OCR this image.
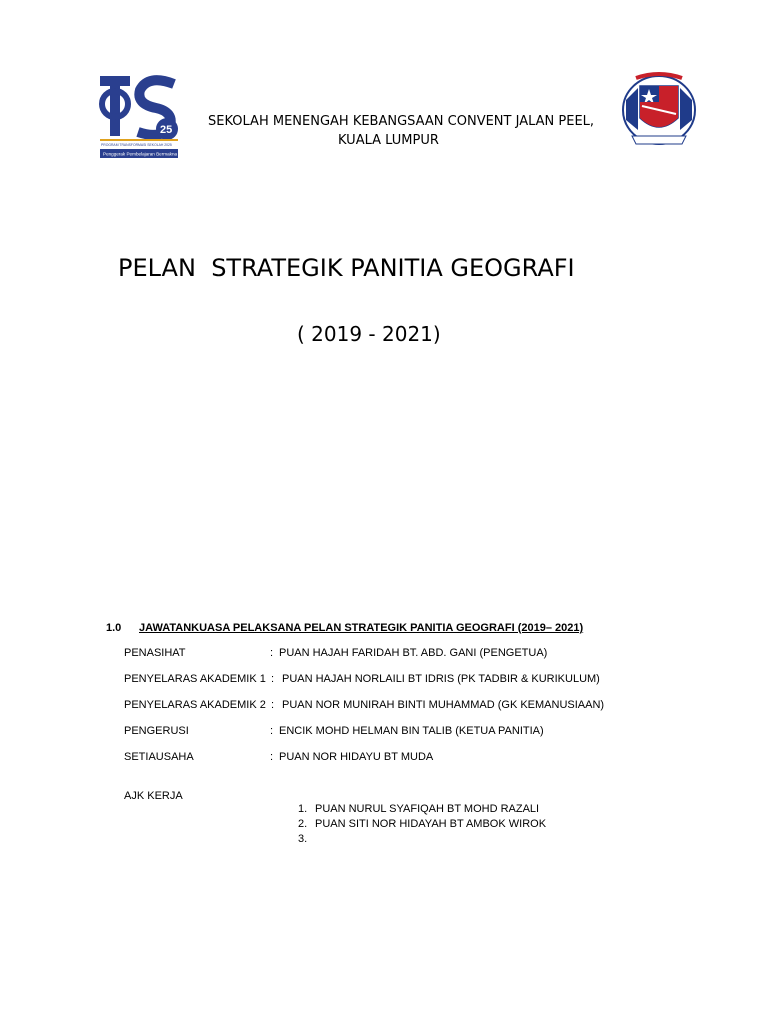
25
PROGRAM TRANSFORMASI SEKOLAH 2025
Penggerak Pembelajaran Bermakna
SEKOLAH MENENGAH KEBANGSAAN CONVENT JALAN PEEL,
KUALA LUMPUR
PELAN  STRATEGIK PANITIA GEOGRAFI
( 2019 - 2021)
1.0 JAWATANKUASA PELAKSANA PELAN STRATEGIK PANITIA GEOGRAFI (2019– 2021)
PENASIHAT	: PUAN HAJAH FARIDAH BT. ABD. GANI (PENGETUA)
PENYELARAS AKADEMIK 1 : PUAN HAJAH NORLAILI BT IDRIS (PK TADBIR & KURIKULUM)
PENYELARAS AKADEMIK 2 : PUAN NOR MUNIRAH BINTI MUHAMMAD (GK KEMANUSIAAN)
PENGERUSI	: ENCIK MOHD HELMAN BIN TALIB (KETUA PANITIA)
SETIAUSAHA	: PUAN NOR HIDAYU BT MUDA
AJK KERJA
1. PUAN NURUL SYAFIQAH BT MOHD RAZALI
2. PUAN SITI NOR HIDAYAH BT AMBOK WIROK
3.
